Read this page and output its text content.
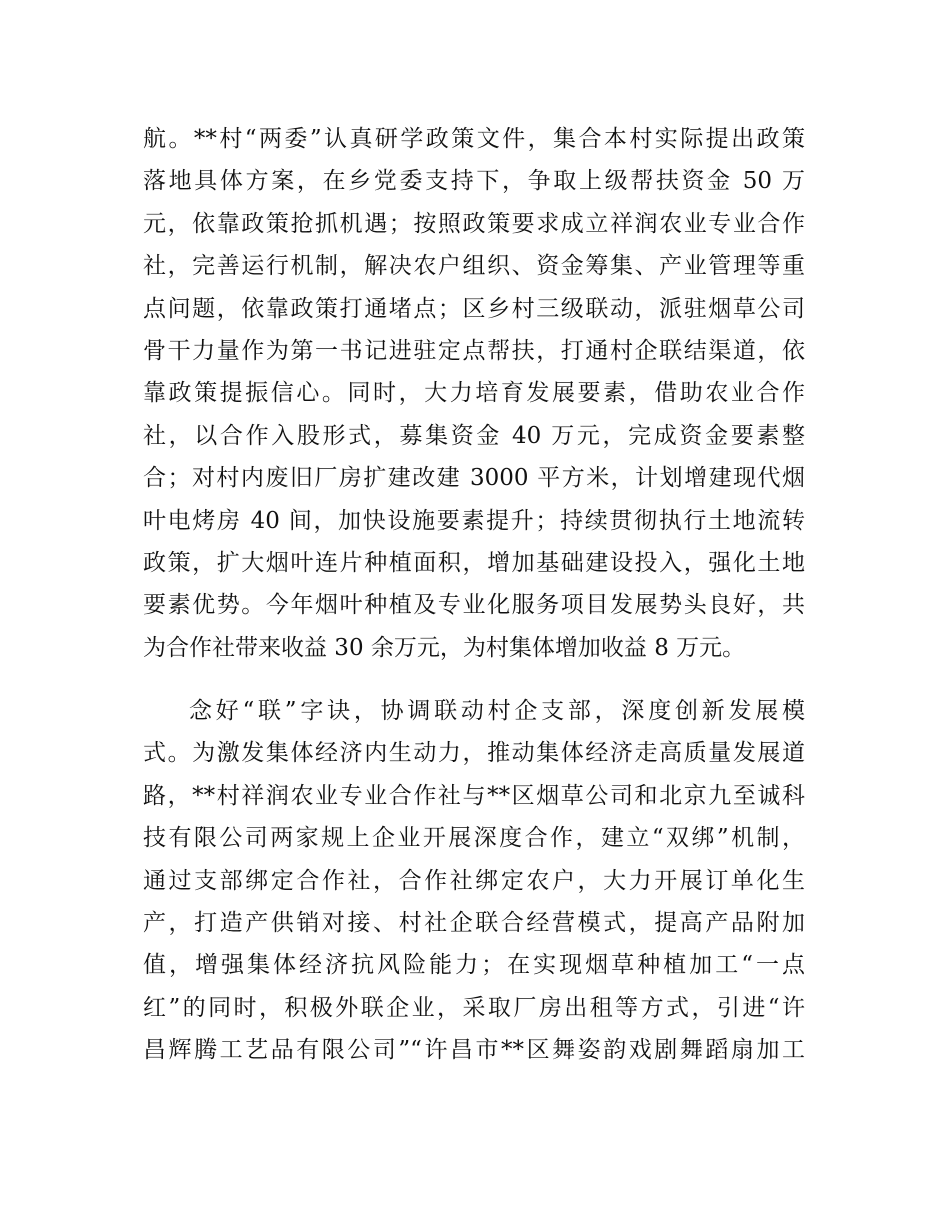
航。**村“两委”认真研学政策文件，集合本村实际提出政策
落地具体方案，在乡党委支持下，争取上级帮扶资金 50 万
元，依靠政策抢抓机遇；按照政策要求成立祥润农业专业合作
社，完善运行机制，解决农户组织、资金筹集、产业管理等重
点问题，依靠政策打通堵点；区乡村三级联动，派驻烟草公司
骨干力量作为第一书记进驻定点帮扶，打通村企联结渠道，依
靠政策提振信心。同时，大力培育发展要素，借助农业合作
社，以合作入股形式，募集资金 40 万元，完成资金要素整
合；对村内废旧厂房扩建改建 3000 平方米，计划增建现代烟
叶电烤房 40 间，加快设施要素提升；持续贯彻执行土地流转
政策，扩大烟叶连片种植面积，增加基础建设投入，强化土地
要素优势。今年烟叶种植及专业化服务项目发展势头良好，共
为合作社带来收益 30 余万元，为村集体增加收益 8 万元。
念好“联”字诀，协调联动村企支部，深度创新发展模
式。为激发集体经济内生动力，推动集体经济走高质量发展道
路，**村祥润农业专业合作社与**区烟草公司和北京九至诚科
技有限公司两家规上企业开展深度合作，建立“双绑”机制，
通过支部绑定合作社，合作社绑定农户，大力开展订单化生
产，打造产供销对接、村社企联合经营模式，提高产品附加
值，增强集体经济抗风险能力；在实现烟草种植加工“一点
红”的同时，积极外联企业，采取厂房出租等方式，引进“许
昌辉腾工艺品有限公司”“许昌市**区舞姿韵戏剧舞蹈扇加工
